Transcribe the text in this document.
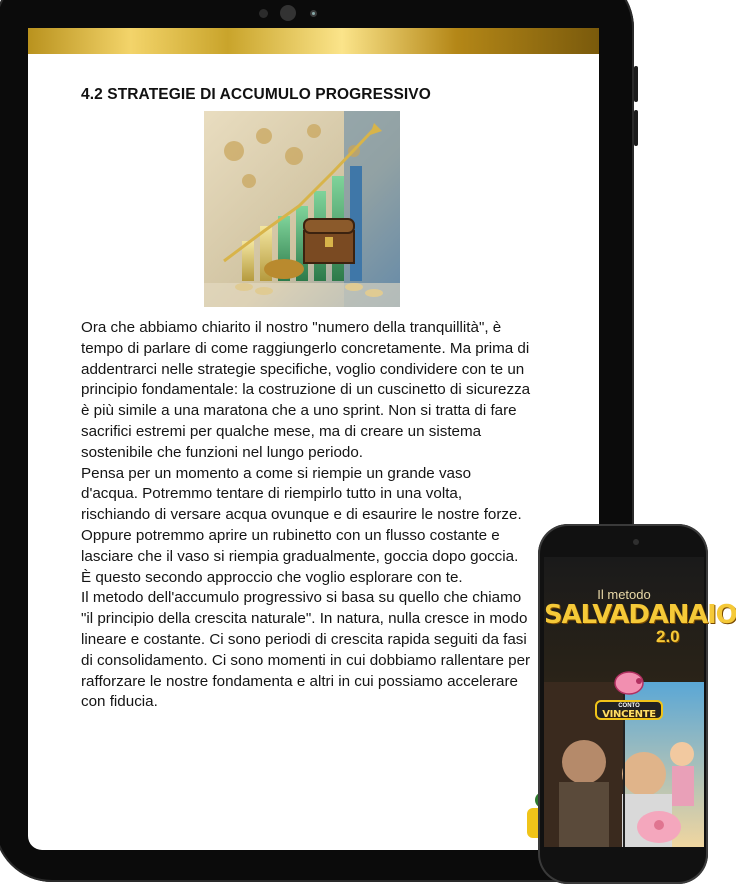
4.2 STRATEGIE DI ACCUMULO PROGRESSIVO

Ora che abbiamo chiarito il nostro "numero della tranquillità", è tempo di parlare di come raggiungerlo concretamente. Ma prima di addentrarci nelle strategie specifiche, voglio condividere con te un principio fondamentale: la costruzione di un cuscinetto di sicurezza è più simile a una maratona che a uno sprint. Non si tratta di fare sacrifici estremi per qualche mese, ma di creare un sistema sostenibile che funzioni nel lungo periodo.

Pensa per un momento a come si riempie un grande vaso d'acqua. Potremmo tentare di riempirlo tutto in una volta, rischiando di versare acqua ovunque e di esaurire le nostre forze. Oppure potremmo aprire un rubinetto con un flusso costante e lasciare che il vaso si riempia gradualmente, goccia dopo goccia. È questo secondo approccio che voglio esplorare con te.

Il metodo dell'accumulo progressivo si basa su quello che chiamo "il principio della crescita naturale". In natura, nulla cresce in modo lineare e costante. Ci sono periodi di crescita rapida seguiti da fasi di consolidamento. Ci sono momenti in cui dobbiamo rallentare per rafforzare le nostre fondamenta e altri in cui possiamo accelerare con fiducia.

Il metodo
SALVADANAIO
2.0
CONTO
VINCENTE
